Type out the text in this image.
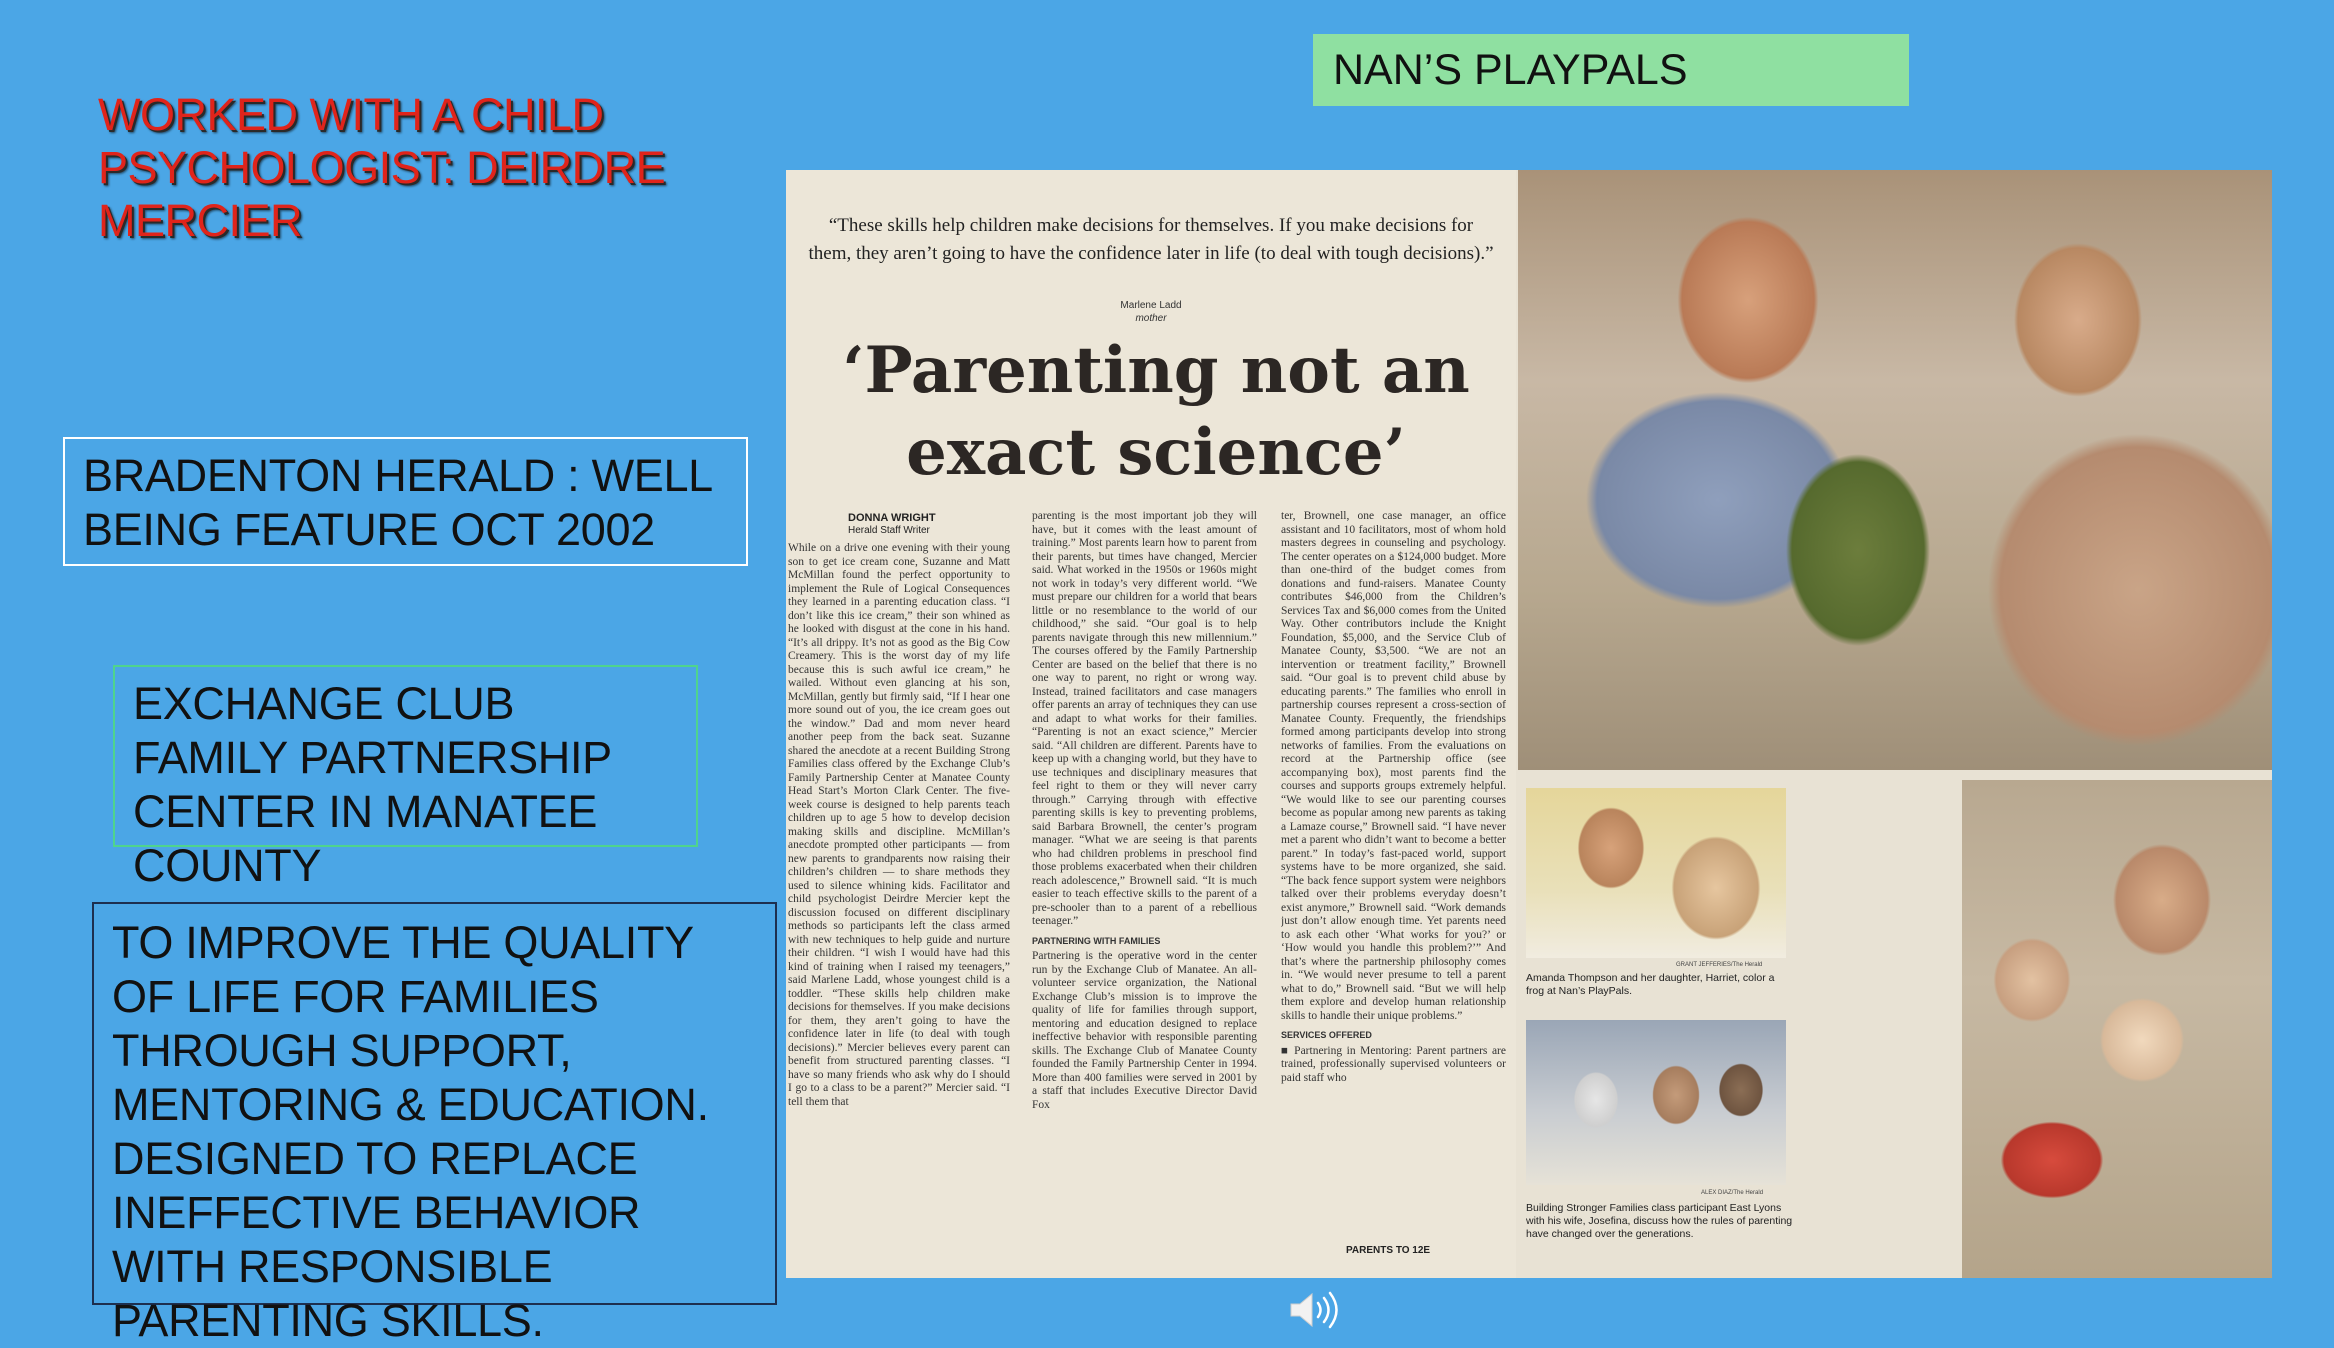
WORKED WITH A CHILD PSYCHOLOGIST: DEIRDRE MERCIER
NAN’S PLAYPALS
BRADENTON HERALD : WELL BEING FEATURE OCT 2002
EXCHANGE CLUB FAMILY PARTNERSHIP CENTER IN MANATEE COUNTY
TO IMPROVE THE QUALITY OF LIFE FOR FAMILIES THROUGH SUPPORT, MENTORING & EDUCATION. DESIGNED TO REPLACE INEFFECTIVE BEHAVIOR WITH RESPONSIBLE PARENTING SKILLS.
“These skills help children make decisions for themselves. If you make decisions for them, they aren’t going to have the confidence later in life (to deal with tough decisions).”
Marlene Ladd
mother
‘Parenting not an exact science’
DONNA WRIGHT
Herald Staff Writer
While on a drive one evening with their young son to get ice cream cone, Suzanne and Matt McMillan found the perfect opportunity to implement the Rule of Logical Consequences they learned in a parenting education class. “I don’t like this ice cream,” their son whined as he looked with disgust at the cone in his hand. “It’s all drippy. It’s not as good as the Big Cow Creamery. This is the worst day of my life because this is such awful ice cream,” he wailed. Without even glancing at his son, McMillan, gently but firmly said, “If I hear one more sound out of you, the ice cream goes out the window.” Dad and mom never heard another peep from the back seat. Suzanne shared the anecdote at a recent Building Strong Families class offered by the Exchange Club’s Family Partnership Center at Manatee County Head Start’s Morton Clark Center. The five-week course is designed to help parents teach children up to age 5 how to develop decision making skills and discipline. McMillan’s anecdote prompted other participants — from new parents to grandparents now raising their children’s children — to share methods they used to silence whining kids. Facilitator and child psychologist Deirdre Mercier kept the discussion focused on different disciplinary methods so participants left the class armed with new techniques to help guide and nurture their children. “I wish I would have had this kind of training when I raised my teenagers,” said Marlene Ladd, whose youngest child is a toddler. “These skills help children make decisions for themselves. If you make decisions for them, they aren’t going to have the confidence later in life (to deal with tough decisions).” Mercier believes every parent can benefit from structured parenting classes. “I have so many friends who ask why do I should I go to a class to be a parent?” Mercier said. “I tell them that
parenting is the most important job they will have, but it comes with the least amount of training.” Most parents learn how to parent from their parents, but times have changed, Mercier said. What worked in the 1950s or 1960s might not work in today’s very different world. “We must prepare our children for a world that bears little or no resemblance to the world of our childhood,” she said. “Our goal is to help parents navigate through this new millennium.” The courses offered by the Family Partnership Center are based on the belief that there is no one way to parent, no right or wrong way. Instead, trained facilitators and case managers offer parents an array of techniques they can use and adapt to what works for their families. “Parenting is not an exact science,” Mercier said. “All children are different. Parents have to keep up with a changing world, but they have to use techniques and disciplinary measures that feel right to them or they will never carry through.” Carrying through with effective parenting skills is key to preventing problems, said Barbara Brownell, the center’s program manager. “What we are seeing is that parents who had children problems in preschool find those problems exacerbated when their children reach adolescence,” Brownell said. “It is much easier to teach effective skills to the parent of a pre-schooler than to a parent of a rebellious teenager.”
PARTNERING WITH FAMILIES
Partnering is the operative word in the center run by the Exchange Club of Manatee. An all-volunteer service organization, the National Exchange Club’s mission is to improve the quality of life for families through support, mentoring and education designed to replace ineffective behavior with responsible parenting skills. The Exchange Club of Manatee County founded the Family Partnership Center in 1994. More than 400 families were served in 2001 by a staff that includes Executive Director David Fox
ter, Brownell, one case manager, an office assistant and 10 facilitators, most of whom hold masters degrees in counseling and psychology. The center operates on a $124,000 budget. More than one-third of the budget comes from donations and fund-raisers. Manatee County contributes $46,000 from the Children’s Services Tax and $6,000 comes from the United Way. Other contributors include the Knight Foundation, $5,000, and the Service Club of Manatee County, $3,500. “We are not an intervention or treatment facility,” Brownell said. “Our goal is to prevent child abuse by educating parents.” The families who enroll in partnership courses represent a cross-section of Manatee County. Frequently, the friendships formed among participants develop into strong networks of families. From the evaluations on record at the Partnership office (see accompanying box), most parents find the courses and supports groups extremely helpful. “We would like to see our parenting courses become as popular among new parents as taking a Lamaze course,” Brownell said. “I have never met a parent who didn’t want to become a better parent.” In today’s fast-paced world, support systems have to be more organized, she said. “The back fence support system were neighbors talked over their problems everyday doesn’t exist anymore,” Brownell said. “Work demands just don’t allow enough time. Yet parents need to ask each other ‘What works for you?’ or ‘How would you handle this problem?’” And that’s where the partnership philosophy comes in. “We would never presume to tell a parent what to do,” Brownell said. “But we will help them explore and develop human relationship skills to handle their unique problems.”
SERVICES OFFERED
■ Partnering in Mentoring: Parent partners are trained, professionally supervised volunteers or paid staff who
PARENTS TO 12E
GRANT JEFFERIES/The Herald
Amanda Thompson and her daughter, Harriet, color a frog at Nan’s PlayPals.
ALEX DIAZ/The Herald
Building Stronger Families class participant East Lyons with his wife, Josefina, discuss how the rules of parenting have changed over the generations.
